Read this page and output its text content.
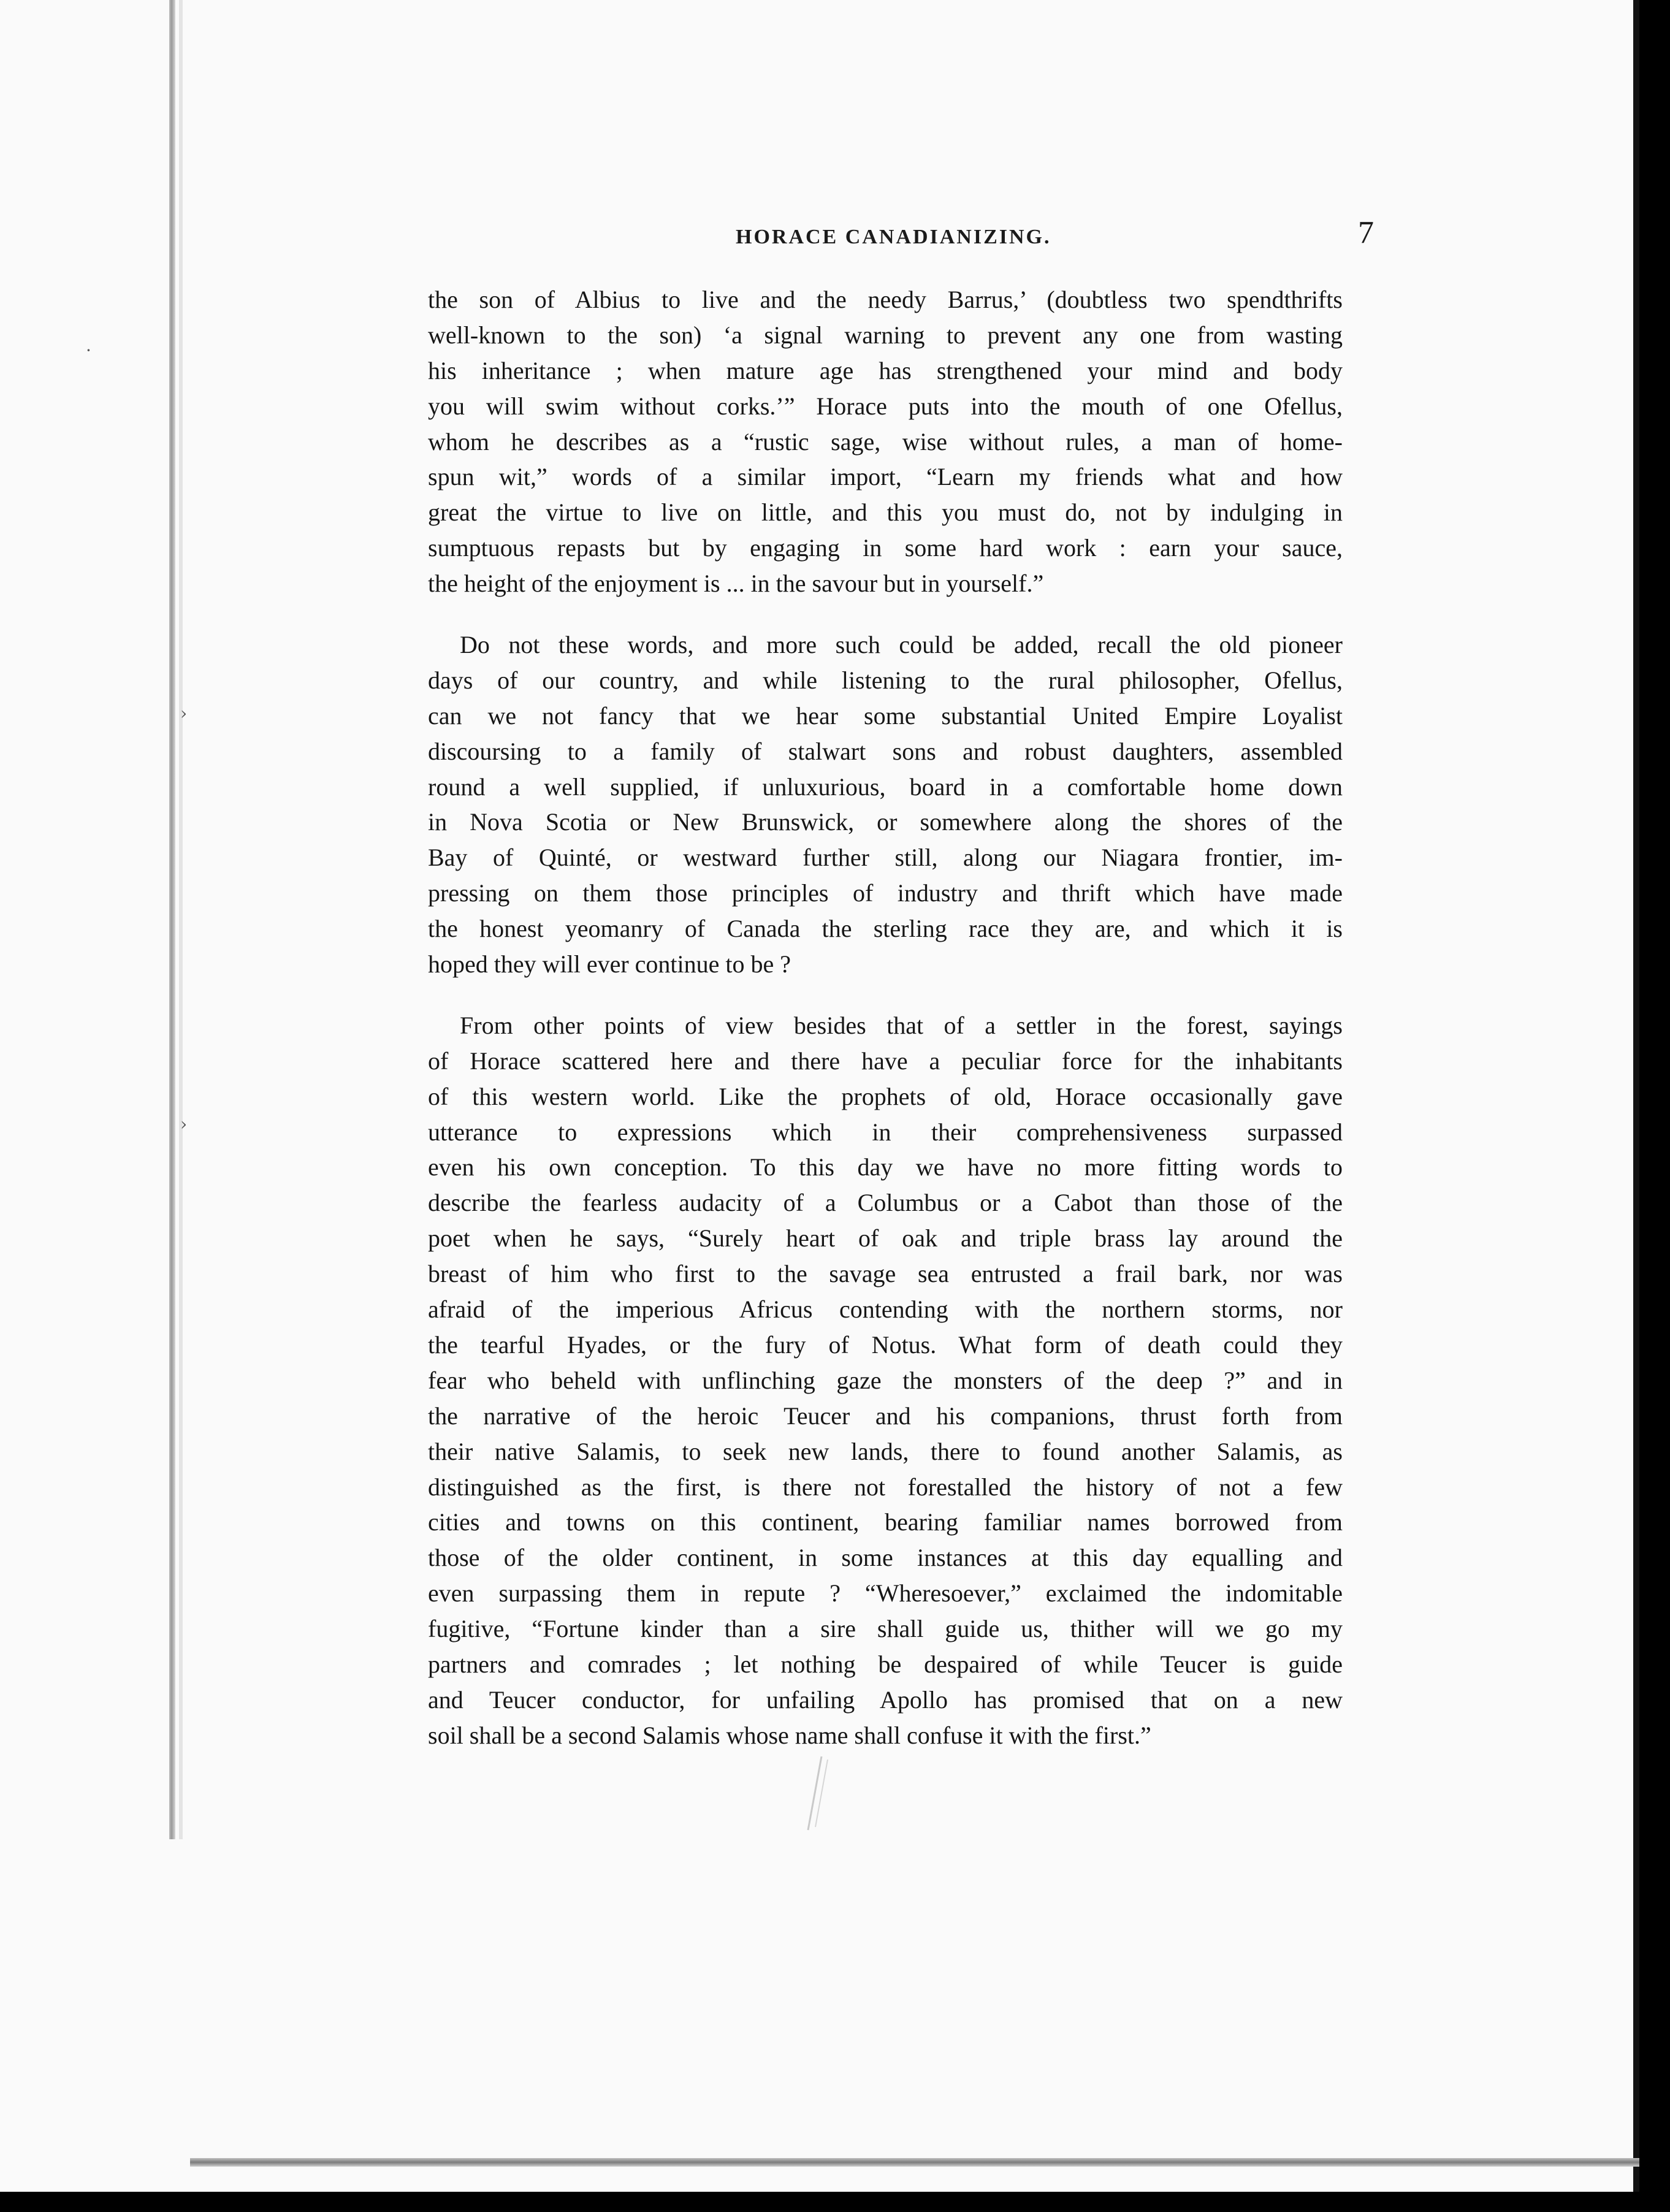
·
›
›
HORACE CANADIANIZING.	7

the son of Albius to live and the needy Barrus,’ (doubtless two spendthrifts
well-known to the son) ‘a signal warning to prevent any one from wasting
his inheritance ; when mature age has strengthened your mind and body
you will swim without corks.’” Horace puts into the mouth of one Ofellus,
whom he describes as a “rustic sage, wise without rules, a man of home-
spun wit,” words of a similar import, “Learn my friends what and how
great the virtue to live on little, and this you must do, not by indulging in
sumptuous repasts but by engaging in some hard work : earn your sauce,
the height of the enjoyment is ... in the savour but in yourself.”

Do not these words, and more such could be added, recall the old pioneer
days of our country, and while listening to the rural philosopher, Ofellus,
can we not fancy that we hear some substantial United Empire Loyalist
discoursing to a family of stalwart sons and robust daughters, assembled
round a well supplied, if unluxurious, board in a comfortable home down
in Nova Scotia or New Brunswick, or somewhere along the shores of the
Bay of Quinté, or westward further still, along our Niagara frontier, im-
pressing on them those principles of industry and thrift which have made
the honest yeomanry of Canada the sterling race they are, and which it is
hoped they will ever continue to be ?

From other points of view besides that of a settler in the forest, sayings
of Horace scattered here and there have a peculiar force for the inhabitants
of this western world. Like the prophets of old, Horace occasionally gave
utterance to expressions which in their comprehensiveness surpassed
even his own conception. To this day we have no more fitting words to
describe the fearless audacity of a Columbus or a Cabot than those of the
poet when he says, “Surely heart of oak and triple brass lay around the
breast of him who first to the savage sea entrusted a frail bark, nor was
afraid of the imperious Africus contending with the northern storms, nor
the tearful Hyades, or the fury of Notus. What form of death could they
fear who beheld with unflinching gaze the monsters of the deep ?” and in
the narrative of the heroic Teucer and his companions, thrust forth from
their native Salamis, to seek new lands, there to found another Salamis, as
distinguished as the first, is there not forestalled the history of not a few
cities and towns on this continent, bearing familiar names borrowed from
those of the older continent, in some instances at this day equalling and
even surpassing them in repute ? “Wheresoever,” exclaimed the indomitable
fugitive, “Fortune kinder than a sire shall guide us, thither will we go my
partners and comrades ; let nothing be despaired of while Teucer is guide
and Teucer conductor, for unfailing Apollo has promised that on a new
soil shall be a second Salamis whose name shall confuse it with the first.”
